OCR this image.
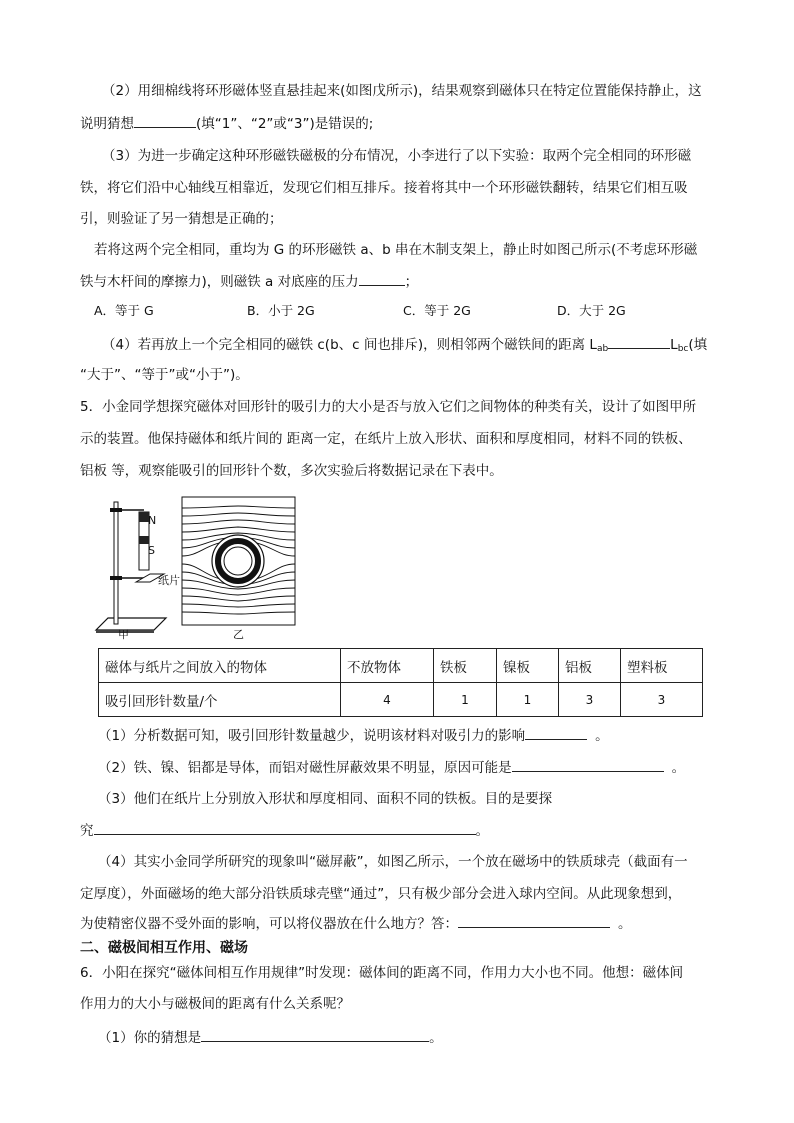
（2）用细棉线将环形磁体竖直悬挂起来(如图戊所示)，结果观察到磁体只在特定位置能保持静止，这
说明猜想	(填“1”、“2”或“3”)是错误的;
（3）为进一步确定这种环形磁铁磁极的分布情况，小李进行了以下实验：取两个完全相同的环形磁
铁，将它们沿中心轴线互相靠近，发现它们相互排斥。接着将其中一个环形磁铁翻转，结果它们相互吸
引，则验证了另一猜想是正确的；
若将这两个完全相同，重均为 G 的环形磁铁 a、b 串在木制支架上，静止时如图己所示(不考虑环形磁
铁与木杆间的摩擦力)，则磁铁 a 对底座的压力	；
A．等于 G	B．小于 2G	C．等于 2G	D．大于 2G
（4）若再放上一个完全相同的磁铁 c(b、c 间也排斥)，则相邻两个磁铁间的距离 $L_{ab}$	$L_{bc}$(填
“大于”、“等于”或“小于”)。
5．小金同学想探究磁体对回形针的吸引力的大小是否与放入它们之间物体的种类有关，设计了如图甲所
示的装置。他保持磁体和纸片间的 距离一定，在纸片上放入形状、面积和厚度相同，材料不同的铁板、
铝板 等，观察能吸引的回形针个数，多次实验后将数据记录在下表中。
N
S
纸片
甲	乙
磁体与纸片之间放入的物体	不放物体	铁板	镍板	铝板	塑料板
吸引回形针数量/个	4	1	1	3	3
（1）分析数据可知，吸引回形针数量越少，说明该材料对吸引力的影响	。
（2）铁、镍、铝都是导体，而铝对磁性屏蔽效果不明显，原因可能是	。
（3）他们在纸片上分别放入形状和厚度相同、面积不同的铁板。目的是要探
究	。
（4）其实小金同学所研究的现象叫“磁屏蔽”，如图乙所示，一个放在磁场中的铁质球壳（截面有一
定厚度），外面磁场的绝大部分沿铁质球壳壁“通过”，只有极少部分会进入球内空间。从此现象想到，
为使精密仪器不受外面的影响，可以将仪器放在什么地方？答：	。
二、磁极间相互作用、磁场
6．小阳在探究“磁体间相互作用规律”时发现：磁体间的距离不同，作用力大小也不同。他想：磁体间
作用力的大小与磁极间的距离有什么关系呢？
（1）你的猜想是	。
